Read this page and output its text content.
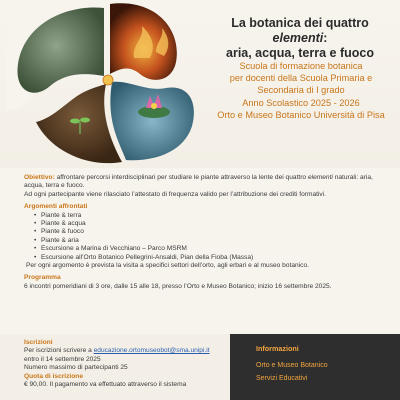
La botanica dei quattro elementi:
aria, acqua, terra e fuoco
Scuola di formazione botanica
per docenti della Scuola Primaria e
Secondaria di I grado
Anno Scolastico 2025 - 2026
Orto e Museo Botanico Università di Pisa
Obiettivo: affrontare percorsi interdisciplinari per studiare le piante attraverso la lente dei quattro elementi naturali: aria, acqua, terra e fuoco.
Ad ogni partecipante viene rilasciato l’attestato di frequenza valido per l’attribuzione dei crediti formativi.
Argomenti affrontati
• Piante & terra
• Piante & acqua
• Piante & fuoco
• Piante & aria
• Escursione a Marina di Vecchiano – Parco MSRM
• Escursione all’Orto Botanico Pellegrini-Ansaldi, Pian della Fioba (Massa)
Per ogni argomento è prevista la visita a specifici settori dell’orto, agli erbari e al museo botanico.
Programma
6 incontri pomeridiani di 3 ore, dalle 15 alle 18, presso l’Orto e Museo Botanico; inizio 16 settembre 2025.
Iscrizioni
Per iscrizioni scrivere a educazione.ortomuseobot@sma.unipi.it
entro il 14 settembre 2025
Numero massimo di partecipanti 25
Quota di iscrizione
€ 90,00. Il pagamento va effettuato attraverso il sistema
Informazioni
Orto e Museo Botanico
Servizi Educativi
